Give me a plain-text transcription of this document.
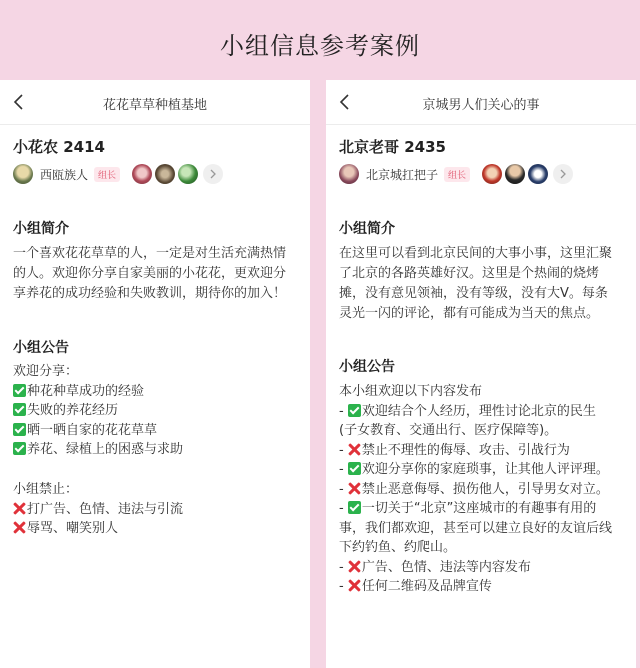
小组信息参考案例
花花草草种植基地
小花农 2414
西瓯族人	组长
小组简介
一个喜欢花花草草的人，一定是对生活充满热情
的人。欢迎你分享自家美丽的小花花，更欢迎分
享养花的成功经验和失败教训，期待你的加入！
小组公告
欢迎分享：
种花种草成功的经验
失败的养花经历
晒一晒自家的花花草草
养花、绿植上的困惑与求助
小组禁止：
打广告、色情、违法与引流
辱骂、嘲笑别人
京城男人们关心的事
北京老哥 2435
北京城扛把子	组长
小组简介
在这里可以看到北京民间的大事小事，这里汇聚
了北京的各路英雄好汉。这里是个热闹的烧烤
摊，没有意见领袖，没有等级，没有大V。每条
灵光一闪的评论，都有可能成为当天的焦点。
小组公告
本小组欢迎以下内容发布
- 欢迎结合个人经历，理性讨论北京的民生
(子女教育、交通出行、医疗保障等)。
- 禁止不理性的侮辱、攻击、引战行为
- 欢迎分享你的家庭琐事，让其他人评评理。
- 禁止恶意侮辱、损伤他人，引导男女对立。
- 一切关于“北京”这座城市的有趣事有用的
事，我们都欢迎，甚至可以建立良好的友谊后线
下约钓鱼、约爬山。
- 广告、色情、违法等内容发布
- 任何二维码及品牌宣传
